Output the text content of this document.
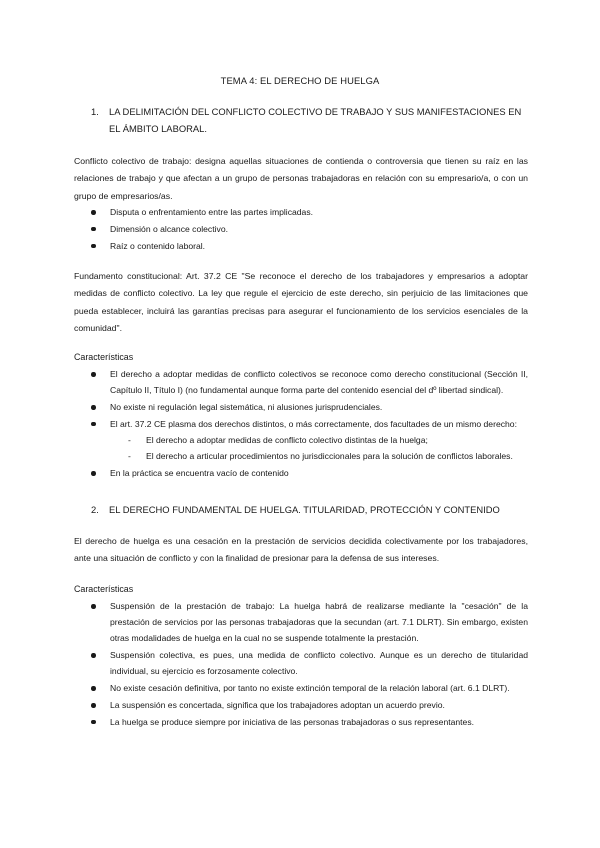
TEMA 4: EL DERECHO DE HUELGA
1. LA DELIMITACIÓN DEL CONFLICTO COLECTIVO DE TRABAJO Y SUS MANIFESTACIONES EN EL ÁMBITO LABORAL.
Conflicto colectivo de trabajo: designa aquellas situaciones de contienda o controversia que tienen su raíz en las relaciones de trabajo y que afectan a un grupo de personas trabajadoras en relación con su empresario/a, o con un grupo de empresarios/as.
Disputa o enfrentamiento entre las partes implicadas.
Dimensión o alcance colectivo.
Raíz o contenido laboral.
Fundamento constitucional: Art. 37.2 CE "Se reconoce el derecho de los trabajadores y empresarios a adoptar medidas de conflicto colectivo. La ley que regule el ejercicio de este derecho, sin perjuicio de las limitaciones que pueda establecer, incluirá las garantías precisas para asegurar el funcionamiento de los servicios esenciales de la comunidad".
Características
El derecho a adoptar medidas de conflicto colectivos se reconoce como derecho constitucional (Sección II, Capítulo II, Título I) (no fundamental aunque forma parte del contenido esencial del dº libertad sindical).
No existe ni regulación legal sistemática, ni alusiones jurisprudenciales.
El art. 37.2 CE plasma dos derechos distintos, o más correctamente, dos facultades de un mismo derecho:
- El derecho a adoptar medidas de conflicto colectivo distintas de la huelga;
- El derecho a articular procedimientos no jurisdiccionales para la solución de conflictos laborales.
En la práctica se encuentra vacío de contenido
2. EL DERECHO FUNDAMENTAL DE HUELGA. TITULARIDAD, PROTECCIÓN Y CONTENIDO
El derecho de huelga es una cesación en la prestación de servicios decidida colectivamente por los trabajadores, ante una situación de conflicto y con la finalidad de presionar para la defensa de sus intereses.
Características
Suspensión de la prestación de trabajo: La huelga habrá de realizarse mediante la "cesación" de la prestación de servicios por las personas trabajadoras que la secundan (art. 7.1 DLRT). Sin embargo, existen otras modalidades de huelga en la cual no se suspende totalmente la prestación.
Suspensión colectiva, es pues, una medida de conflicto colectivo. Aunque es un derecho de titularidad individual, su ejercicio es forzosamente colectivo.
No existe cesación definitiva, por tanto no existe extinción temporal de la relación laboral (art. 6.1 DLRT).
La suspensión es concertada, significa que los trabajadores adoptan un acuerdo previo.
La huelga se produce siempre por iniciativa de las personas trabajadoras o sus representantes.
